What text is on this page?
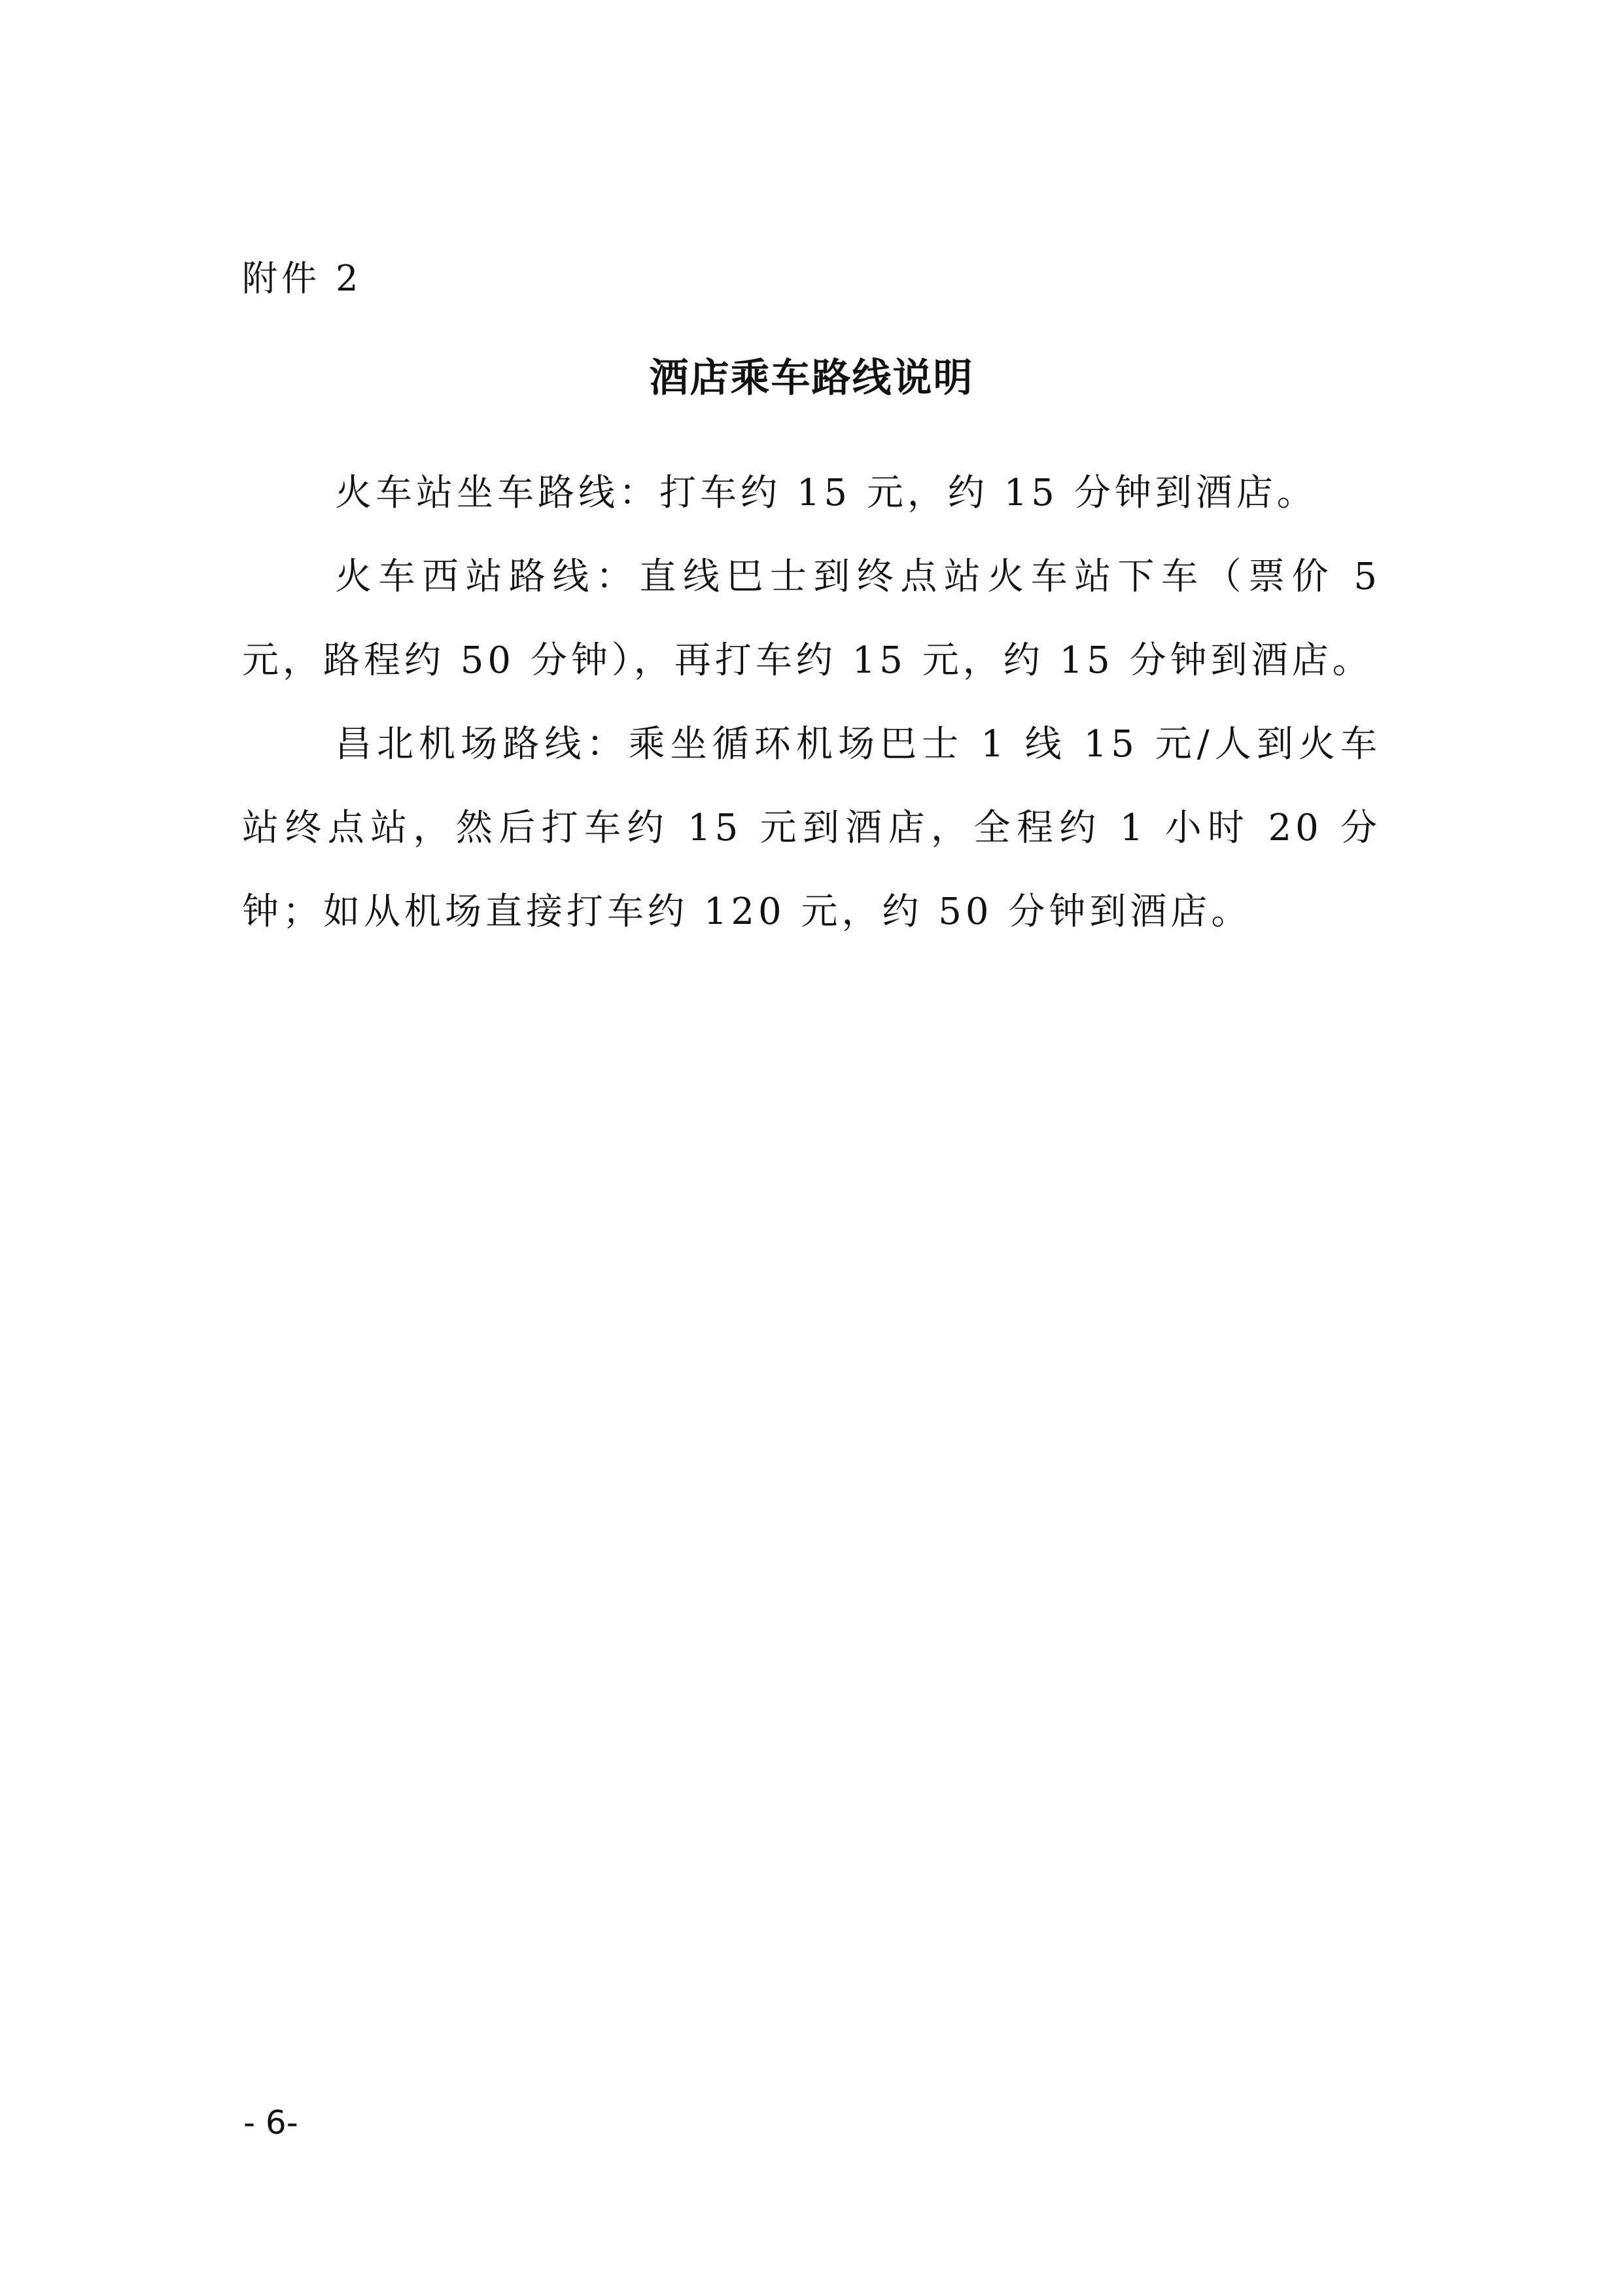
附件 2
酒店乘车路线说明

火车站坐车路线：打车约 15 元，约 15 分钟到酒店。

火车西站路线：直线巴士到终点站火车站下车（票价 5 元，路程约 50 分钟），再打车约 15 元，约 15 分钟到酒店。

昌北机场路线：乘坐循环机场巴士 1 线 15 元/人到火车站终点站，然后打车约 15 元到酒店，全程约 1 小时 20 分钟；如从机场直接打车约 120 元，约 50 分钟到酒店。

- 6-
